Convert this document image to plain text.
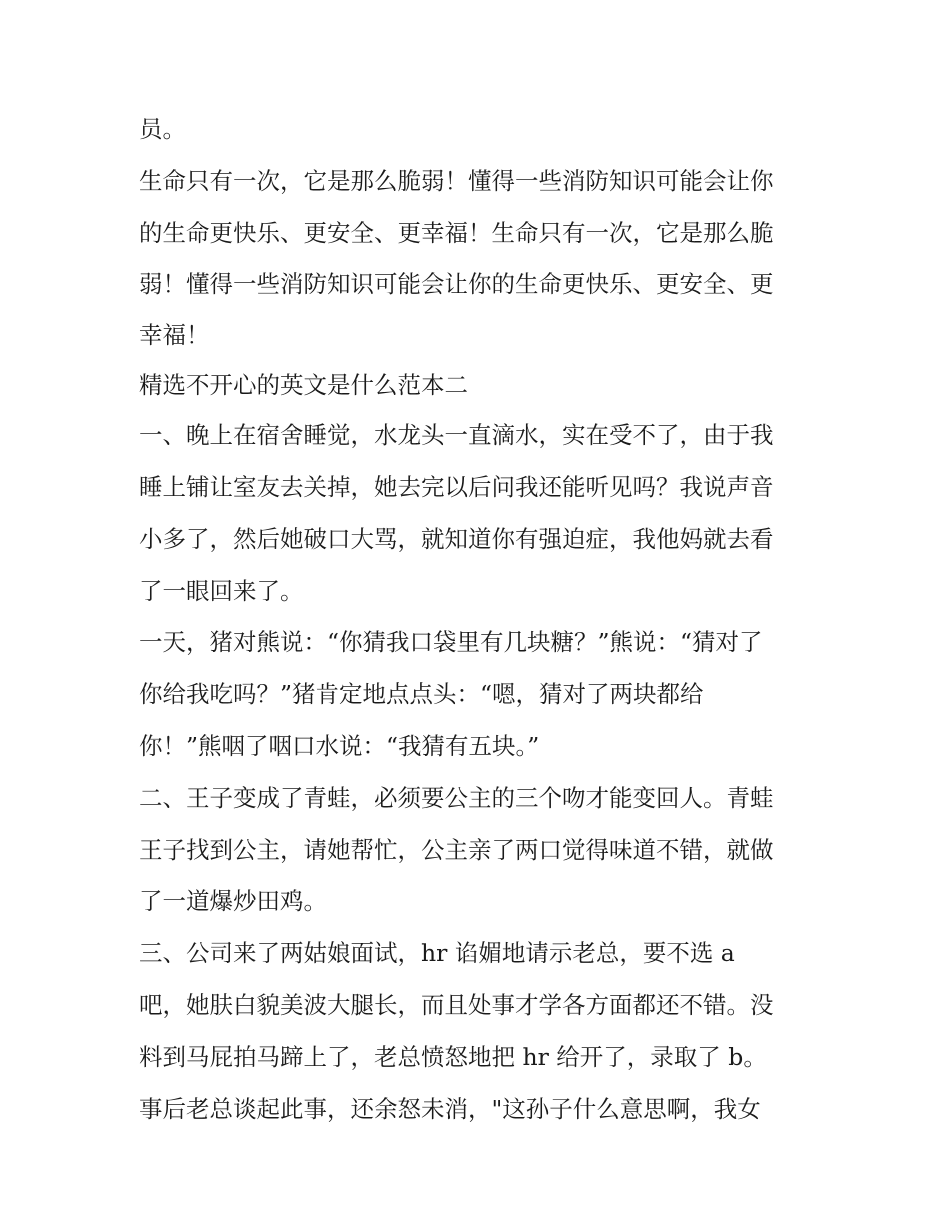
员。
生命只有一次，它是那么脆弱！懂得一些消防知识可能会让你
的生命更快乐、更安全、更幸福！生命只有一次，它是那么脆
弱！懂得一些消防知识可能会让你的生命更快乐、更安全、更
幸福！
精选不开心的英文是什么范本二
一、晚上在宿舍睡觉，水龙头一直滴水，实在受不了，由于我
睡上铺让室友去关掉，她去完以后问我还能听见吗？我说声音
小多了，然后她破口大骂，就知道你有强迫症，我他妈就去看
了一眼回来了。
一天，猪对熊说：“你猜我口袋里有几块糖？”熊说：“猜对了
你给我吃吗？”猪肯定地点点头：“嗯，猜对了两块都给
你！”熊咽了咽口水说：“我猜有五块。”
二、王子变成了青蛙，必须要公主的三个吻才能变回人。青蛙
王子找到公主，请她帮忙，公主亲了两口觉得味道不错，就做
了一道爆炒田鸡。
三、公司来了两姑娘面试，hr 谄媚地请示老总，要不选 a
吧，她肤白貌美波大腿长，而且处事才学各方面都还不错。没
料到马屁拍马蹄上了，老总愤怒地把 hr 给开了，录取了 b。
事后老总谈起此事，还余怒未消，"这孙子什么意思啊，我女
